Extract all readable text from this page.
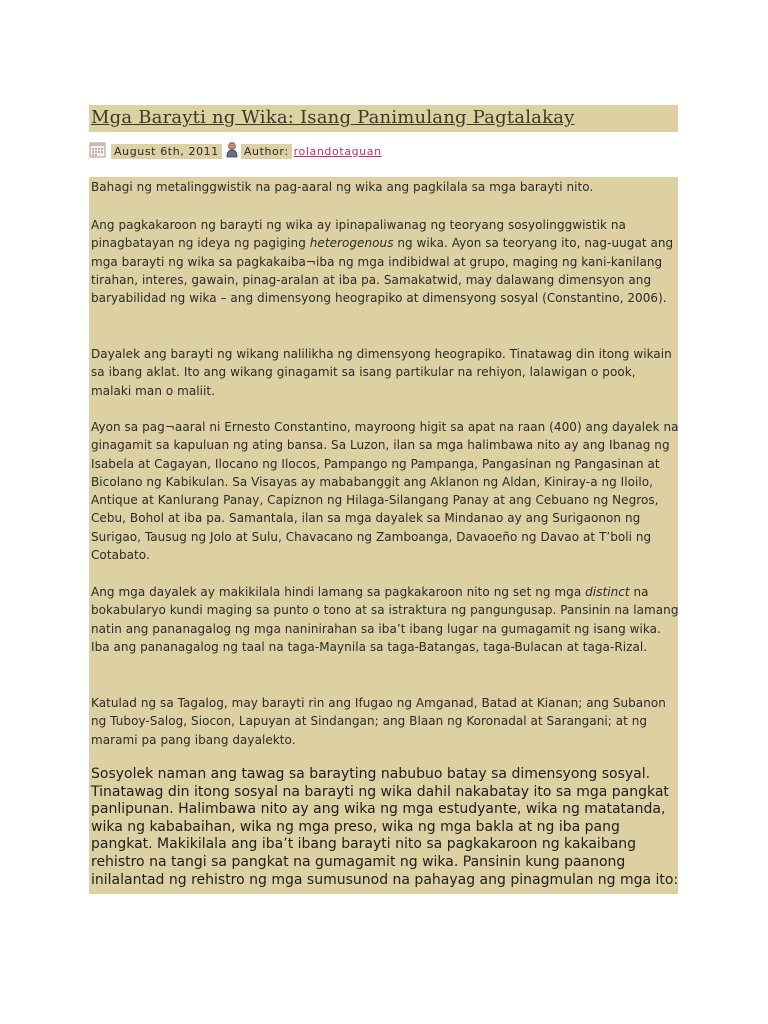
Mga Barayti ng Wika: Isang Panimulang Pagtalakay
August 6th, 2011 Author: rolandotaguan

Bahagi ng metalinggwistik na pag-aaral ng wika ang pagkilala sa mga barayti nito.

Ang pagkakaroon ng barayti ng wika ay ipinapaliwanag ng teoryang sosyolinggwistik na pinagbatayan ng ideya ng pagiging heterogenous ng wika. Ayon sa teoryang ito, nag-uugat ang mga barayti ng wika sa pagkakaiba¬iba ng mga indibidwal at grupo, maging ng kani-kanilang tirahan, interes, gawain, pinag-aralan at iba pa. Samakatwid, may dalawang dimensyon ang baryabilidad ng wika – ang dimensyong heograpiko at dimensyong sosyal (Constantino, 2006).

Dayalek ang barayti ng wikang nalilikha ng dimensyong heograpiko. Tinatawag din itong wikain sa ibang aklat. Ito ang wikang ginagamit sa isang partikular na rehiyon, lalawigan o pook, malaki man o maliit.

Ayon sa pag¬aaral ni Ernesto Constantino, mayroong higit sa apat na raan (400) ang dayalek na ginagamit sa kapuluan ng ating bansa. Sa Luzon, ilan sa mga halimbawa nito ay ang Ibanag ng Isabela at Cagayan, Ilocano ng Ilocos, Pampango ng Pampanga, Pangasinan ng Pangasinan at Bicolano ng Kabikulan. Sa Visayas ay mababanggit ang Aklanon ng Aldan, Kiniray-a ng Iloilo, Antique at Kanlurang Panay, Capiznon ng Hilaga-Silangang Panay at ang Cebuano ng Negros, Cebu, Bohol at iba pa. Samantala, ilan sa mga dayalek sa Mindanao ay ang Surigaonon ng Surigao, Tausug ng Jolo at Sulu, Chavacano ng Zamboanga, Davaoeño ng Davao at T’boli ng Cotabato.

Ang mga dayalek ay makikilala hindi lamang sa pagkakaroon nito ng set ng mga distinct na bokabularyo kundi maging sa punto o tono at sa istraktura ng pangungusap. Pansinin na lamang natin ang pananagalog ng mga naninirahan sa iba’t ibang lugar na gumagamit ng isang wika. Iba ang pananagalog ng taal na taga-Maynila sa taga-Batangas, taga-Bulacan at taga-Rizal.

Katulad ng sa Tagalog, may barayti rin ang Ifugao ng Amganad, Batad at Kianan; ang Subanon ng Tuboy-Salog, Siocon, Lapuyan at Sindangan; ang Blaan ng Koronadal at Sarangani; at ng marami pa pang ibang dayalekto.

Sosyolek naman ang tawag sa barayting nabubuo batay sa dimensyong sosyal. Tinatawag din itong sosyal na barayti ng wika dahil nakabatay ito sa mga pangkat panlipunan. Halimbawa nito ay ang wika ng mga estudyante, wika ng matatanda, wika ng kababaihan, wika ng mga preso, wika ng mga bakla at ng iba pang pangkat. Makikilala ang iba’t ibang barayti nito sa pagkakaroon ng kakaibang rehistro na tangi sa pangkat na gumagamit ng wika. Pansinin kung paanong inilalantad ng rehistro ng mga sumusunod na pahayag ang pinagmulan ng mga ito:
